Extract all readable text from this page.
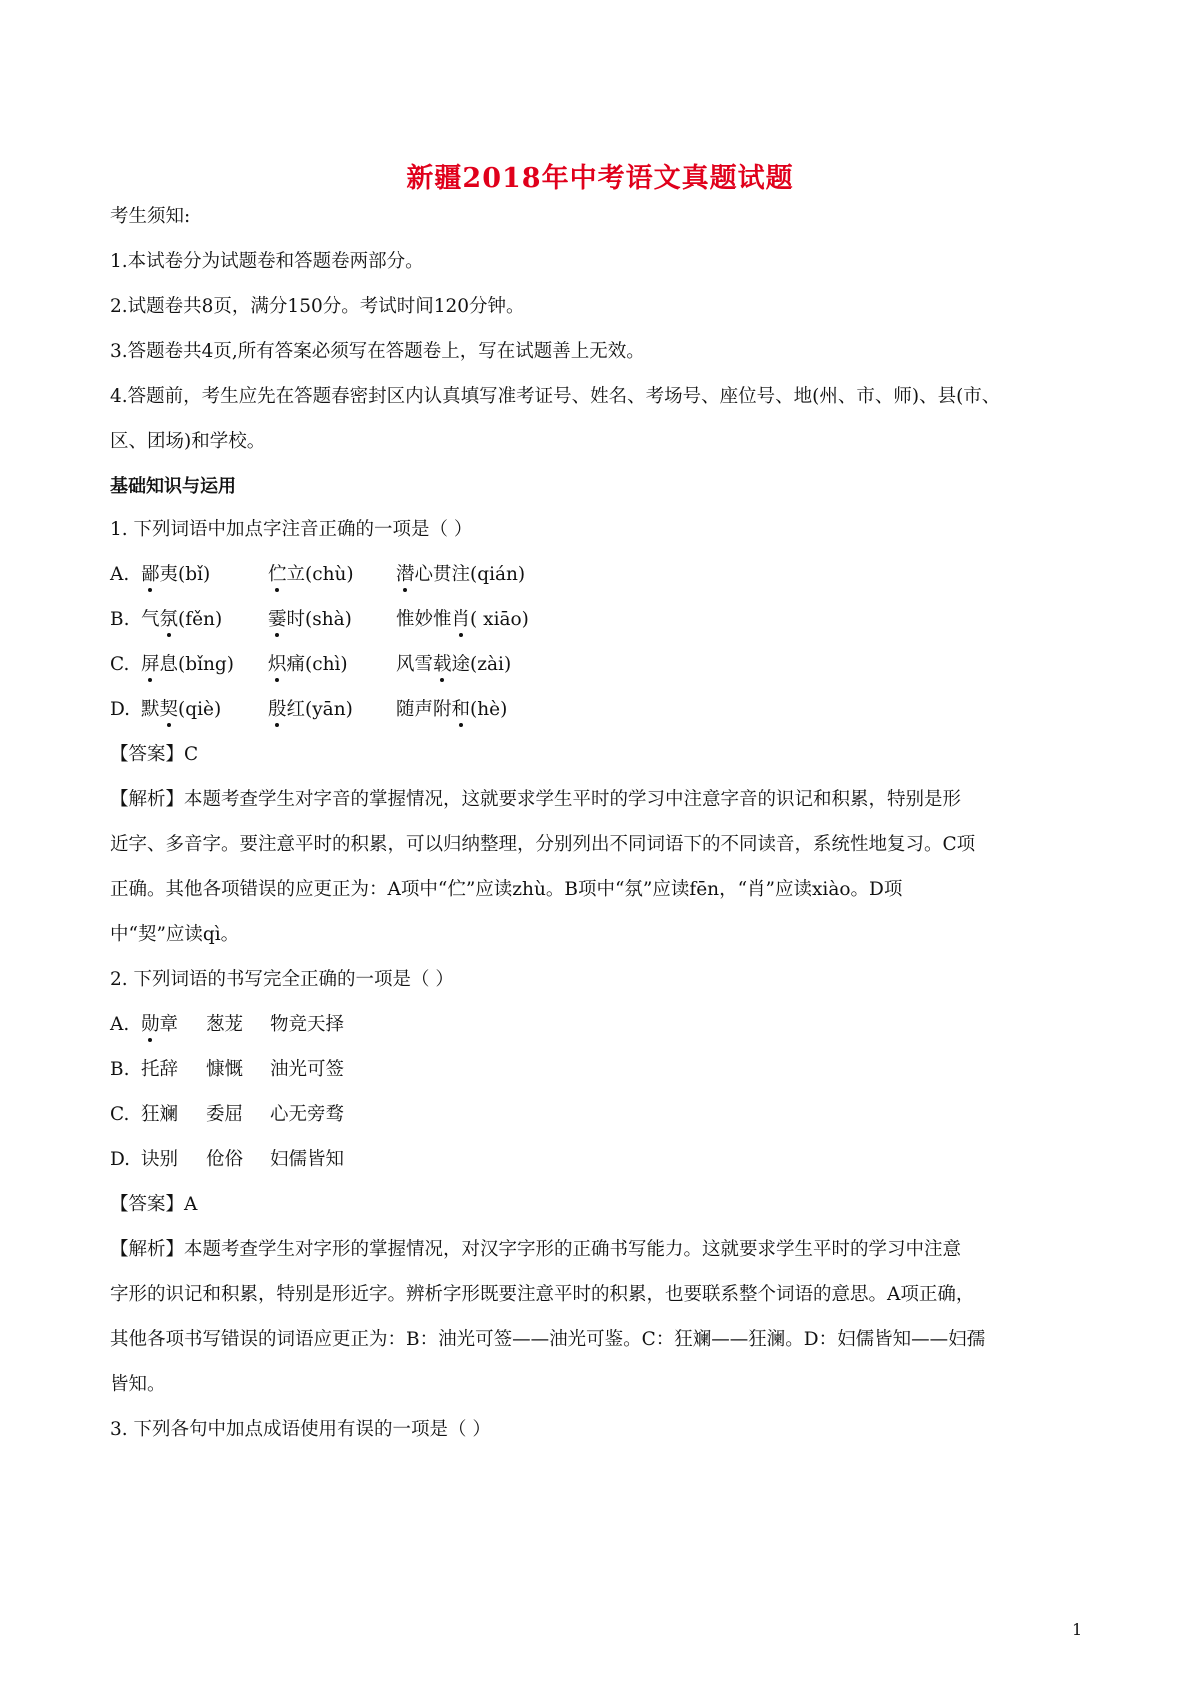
新疆2018年中考语文真题试题
考生须知:
1.本试卷分为试题卷和答题卷两部分。
2.试题卷共8页，满分150分。考试时间120分钟。
3.答题卷共4页,所有答案必须写在答题卷上，写在试题善上无效。
4.答题前，考生应先在答题春密封区内认真填写准考证号、姓名、考场号、座位号、地(州、市、师)、县(市、
区、团场)和学校。
基础知识与运用
1. 下列词语中加点字注音正确的一项是（ ）
A. 鄙夷(bǐ)	伫立(chù) 潜心贯注(qián)
B. 气氛(fěn) 霎时(shà) 惟妙惟肖( xiāo)
C. 屏息(bǐng) 炽痛(chì)	风雪载途(zài)
D. 默契(qiè)	殷红(yān) 随声附和(hè)
【答案】C
【解析】本题考查学生对字音的掌握情况，这就要求学生平时的学习中注意字音的识记和积累，特别是形
近字、多音字。要注意平时的积累，可以归纳整理，分别列出不同词语下的不同读音，系统性地复习。C项
正确。其他各项错误的应更正为：A项中“伫”应读zhù。B项中“氛”应读fēn，“肖”应读xiào。D项
中“契”应读qì。
2. 下列词语的书写完全正确的一项是（ ）
A. 勋章 葱茏 物竞天择
B. 托辞 慷慨 油光可签
C. 狂斓 委屈 心无旁骛
D. 诀别 伧俗 妇儒皆知
【答案】A
【解析】本题考查学生对字形的掌握情况，对汉字字形的正确书写能力。这就要求学生平时的学习中注意
字形的识记和积累，特别是形近字。辨析字形既要注意平时的积累，也要联系整个词语的意思。A项正确，
其他各项书写错误的词语应更正为：B：油光可签——油光可鉴。C：狂斓——狂澜。D：妇儒皆知——妇孺
皆知。
3. 下列各句中加点成语使用有误的一项是（ ）
1
